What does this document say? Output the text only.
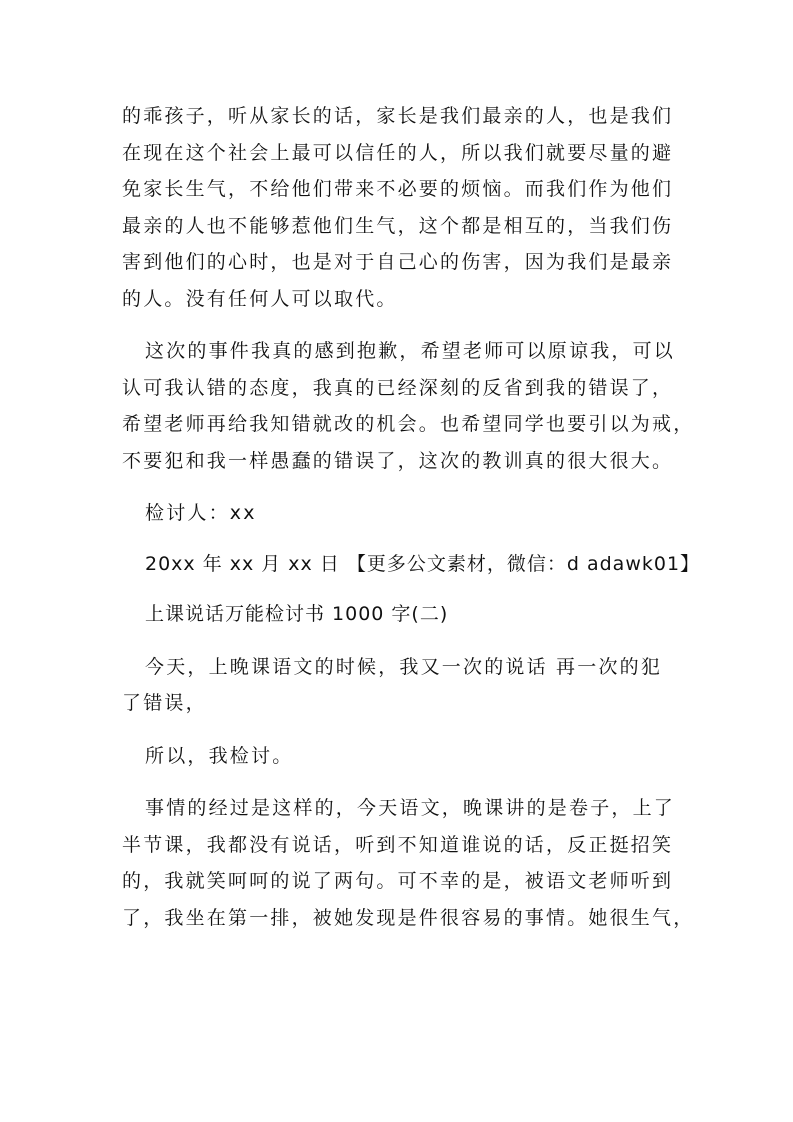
的乖孩子，听从家长的话，家长是我们最亲的人，也是我们
在现在这个社会上最可以信任的人，所以我们就要尽量的避
免家长生气，不给他们带来不必要的烦恼。而我们作为他们
最亲的人也不能够惹他们生气，这个都是相互的，当我们伤
害到他们的心时，也是对于自己心的伤害，因为我们是最亲
的人。没有任何人可以取代。

这次的事件我真的感到抱歉，希望老师可以原谅我，可以
认可我认错的态度，我真的已经深刻的反省到我的错误了，
希望老师再给我知错就改的机会。也希望同学也要引以为戒，
不要犯和我一样愚蠢的错误了，这次的教训真的很大很大。

检讨人：xx

20xx 年 xx 月 xx 日 【更多公文素材，微信：d adawk01】

上课说话万能检讨书 1000 字(二)

今天，上晚课语文的时候，我又一次的说话 再一次的犯
了错误，

所以，我检讨。

事情的经过是这样的，今天语文，晚课讲的是卷子，上了
半节课，我都没有说话，听到不知道谁说的话，反正挺招笑
的，我就笑呵呵的说了两句。可不幸的是，被语文老师听到
了，我坐在第一排，被她发现是件很容易的事情。她很生气，
